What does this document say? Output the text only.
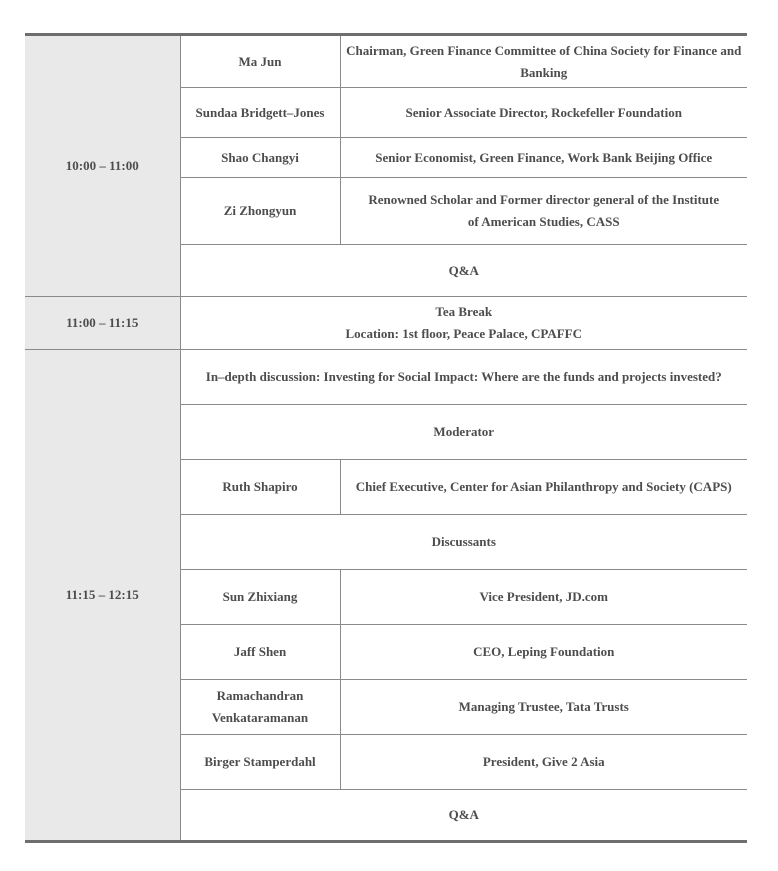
10:00 – 11:00	Ma Jun	Chairman, Green Finance Committee of China Society for Finance and Banking
	Sundaa Bridgett–Jones	Senior Associate Director, Rockefeller Foundation
	Shao Changyi	Senior Economist, Green Finance, Work Bank Beijing Office
	Zi Zhongyun	Renowned Scholar and Former director general of the Institute
of American Studies, CASS

	Q&A	
11:00 – 11:15	Tea Break
Location: 1st floor, Peace Palace, CPAFFC	

11:15 – 12:15	In–depth discussion: Investing for Social Impact: Where are the funds and projects invested?	
	Moderator	
	Ruth Shapiro	Chief Executive, Center for Asian Philanthropy and Society (CAPS)
	Discussants	
	Sun Zhixiang	Vice President, JD.com
	Jaff Shen	CEO, Leping Foundation

	Ramachandran
Venkataramanan	Managing Trustee, Tata Trusts
	Birger Stamperdahl	President, Give 2 Asia
	Q&A	
